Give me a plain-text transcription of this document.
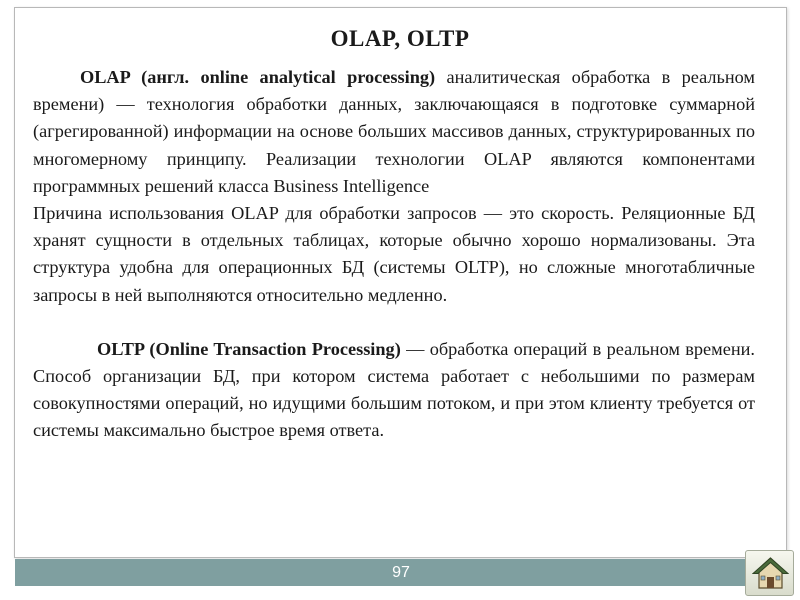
OLAP, OLTP

OLAP (англ. online analytical processing) аналитическая обработка в реальном времени) — технология обработки данных, заключающаяся в подготовке суммарной (агрегированной) информации на основе больших массивов данных, структурированных по многомерному принципу. Реализации технологии OLAP являются компонентами программных решений класса Business Intelligence

Причина использования OLAP для обработки запросов — это скорость. Реляционные БД хранят сущности в отдельных таблицах, которые обычно хорошо нормализованы. Эта структура удобна для операционных БД (системы OLTP), но сложные многотабличные запросы в ней выполняются относительно медленно.

OLTP (Online Transaction Processing) — обработка операций в реальном времени. Способ организации БД, при котором система работает с небольшими по размерам совокупностями операций, но идущими большим потоком, и при этом клиенту требуется от системы максимально быстрое время ответа.

97
